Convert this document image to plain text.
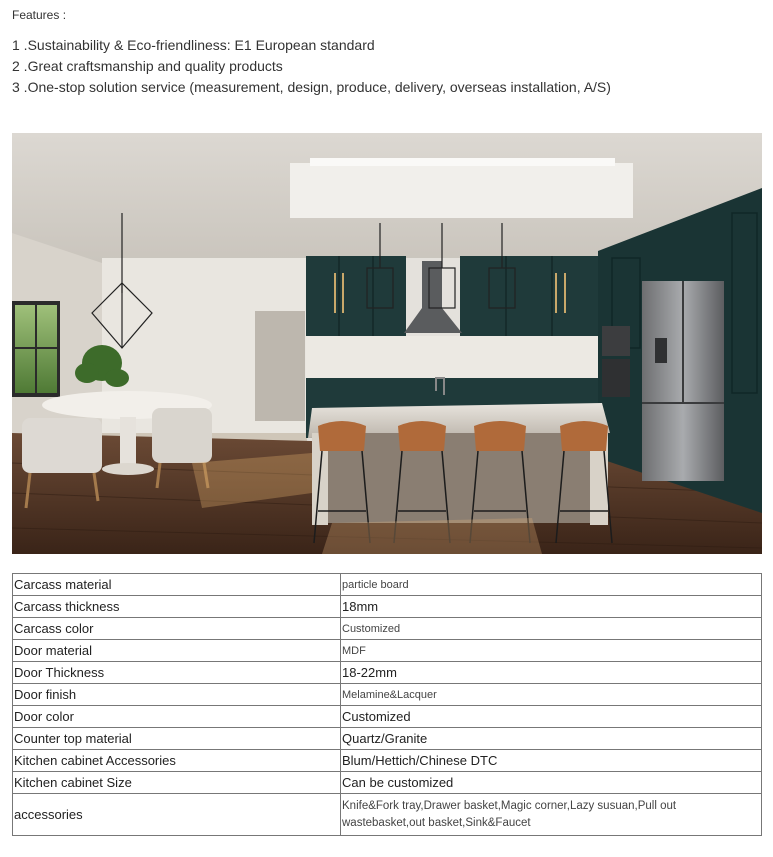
Features :
1 .Sustainability & Eco-friendliness: E1 European standard
2 .Great craftsmanship and quality products
3 .One-stop solution service (measurement, design, produce, delivery, overseas installation, A/S)
Carcass material	particle board
Carcass thickness	18mm
Carcass color	Customized
Door material	MDF
Door Thickness	18-22mm
Door finish	Melamine&Lacquer
Door color	Customized
Counter top material	Quartz/Granite
Kitchen cabinet Accessories	Blum/Hettich/Chinese DTC
Kitchen cabinet Size	Can be customized
accessories	Knife&Fork tray,Drawer basket,Magic corner,Lazy susuan,Pull out wastebasket,out basket,Sink&Faucet
